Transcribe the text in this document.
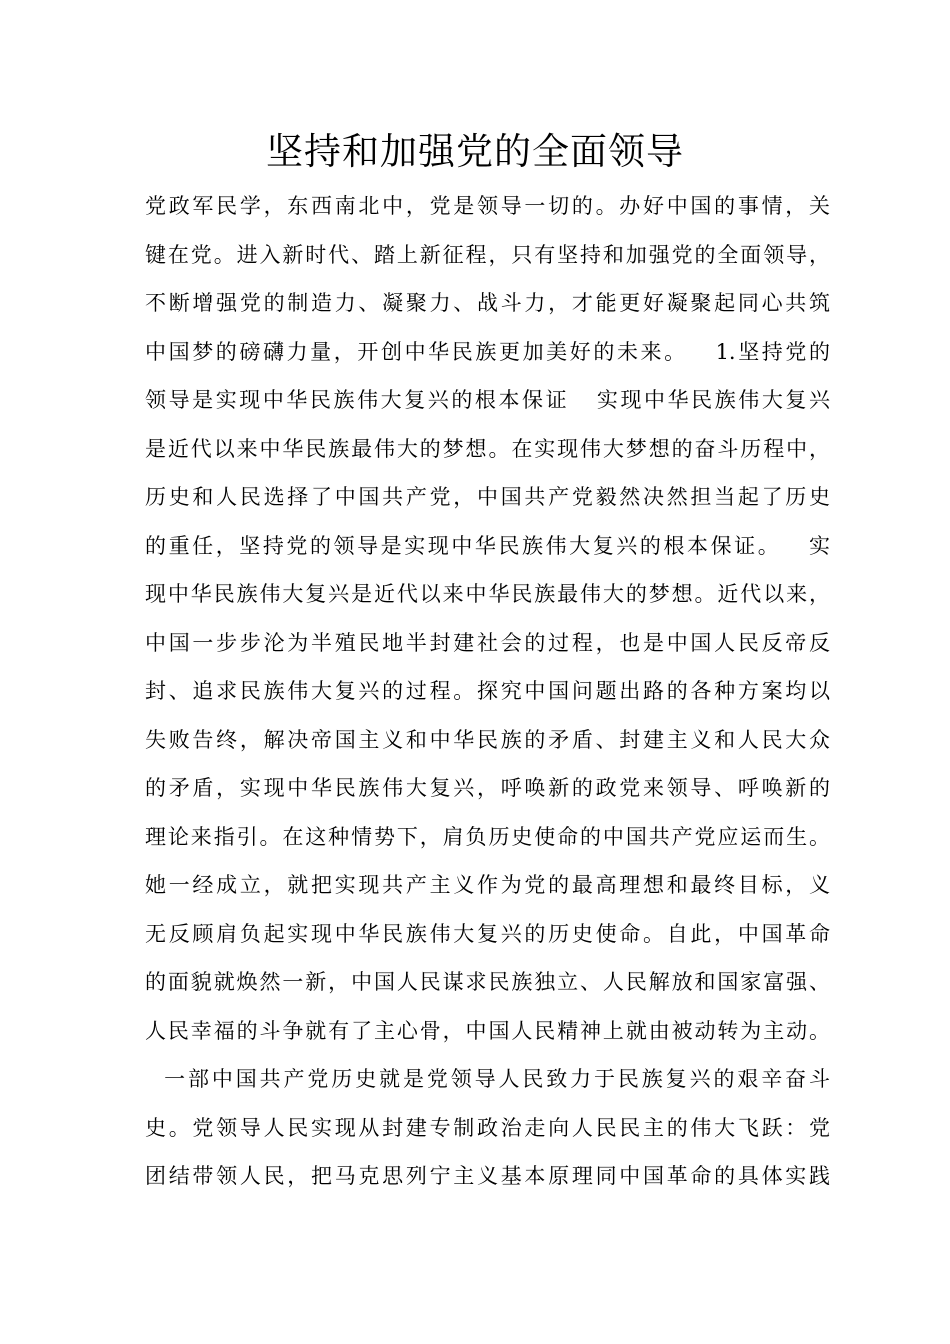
坚持和加强党的全面领导
党政军民学，东西南北中，党是领导一切的。办好中国的事情，关
键在党。进入新时代、踏上新征程，只有坚持和加强党的全面领导，
不断增强党的制造力、凝聚力、战斗力，才能更好凝聚起同心共筑
中国梦的磅礴力量，开创中华民族更加美好的未来。   1.坚持党的
领导是实现中华民族伟大复兴的根本保证   实现中华民族伟大复兴
是近代以来中华民族最伟大的梦想。在实现伟大梦想的奋斗历程中，
历史和人民选择了中国共产党，中国共产党毅然决然担当起了历史
的重任，坚持党的领导是实现中华民族伟大复兴的根本保证。   实
现中华民族伟大复兴是近代以来中华民族最伟大的梦想。近代以来，
中国一步步沦为半殖民地半封建社会的过程，也是中国人民反帝反
封、追求民族伟大复兴的过程。探究中国问题出路的各种方案均以
失败告终，解决帝国主义和中华民族的矛盾、封建主义和人民大众
的矛盾，实现中华民族伟大复兴，呼唤新的政党来领导、呼唤新的
理论来指引。在这种情势下，肩负历史使命的中国共产党应运而生。
她一经成立，就把实现共产主义作为党的最高理想和最终目标，义
无反顾肩负起实现中华民族伟大复兴的历史使命。自此，中国革命
的面貌就焕然一新，中国人民谋求民族独立、人民解放和国家富强、
人民幸福的斗争就有了主心骨，中国人民精神上就由被动转为主动。
一部中国共产党历史就是党领导人民致力于民族复兴的艰辛奋斗
史。党领导人民实现从封建专制政治走向人民民主的伟大飞跃：党
团结带领人民，把马克思列宁主义基本原理同中国革命的具体实践
